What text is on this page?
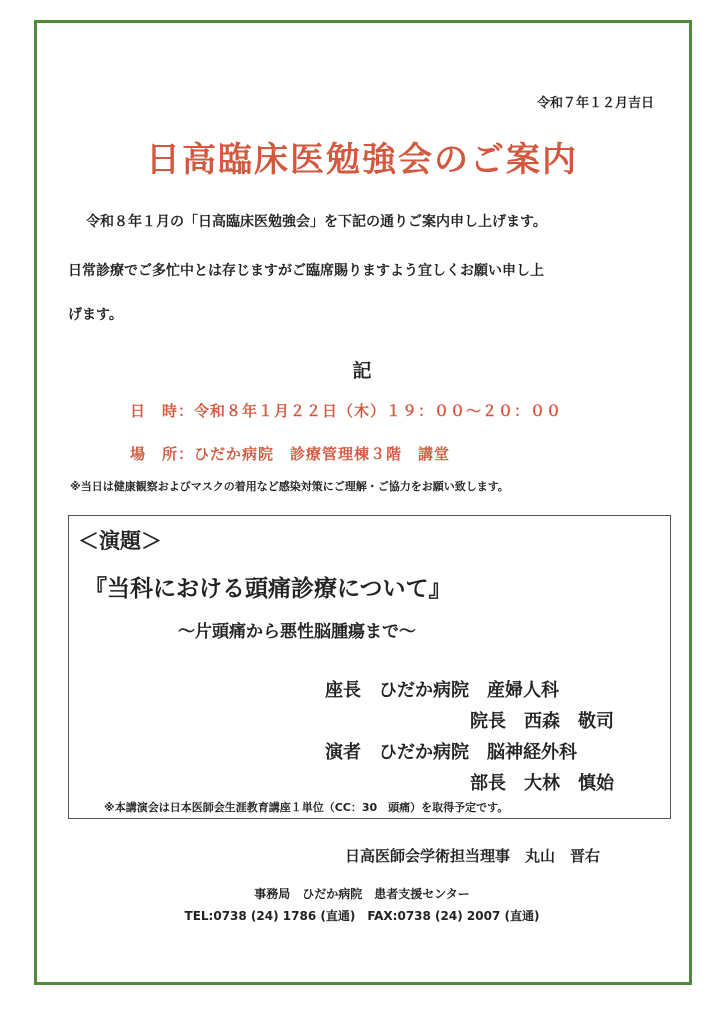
令和７年１２月吉日
日高臨床医勉強会のご案内
令和８年１月の「日高臨床医勉強会」を下記の通りご案内申し上げます。
日常診療でご多忙中とは存じますがご臨席賜りますよう宜しくお願い申し上
げます。
記
日　時：令和８年１月２２日（木）１９：００〜２０：００
場　所：ひだか病院　診療管理棟３階　講堂
※当日は健康観察およびマスクの着用など感染対策にご理解・ご協力をお願い致します。
＜演題＞
『当科における頭痛診療について』
〜片頭痛から悪性脳腫瘍まで〜
座長　ひだか病院　産婦人科
院長　西森　敬司
演者　ひだか病院　脳神経外科
部長　大林　慎始
※本講演会は日本医師会生涯教育講座１単位（CC：30　頭痛）を取得予定です。
日高医師会学術担当理事　丸山　晋右
事務局　ひだか病院　患者支援センター
TEL:0738 (24) 1786 (直通)　FAX:0738 (24) 2007 (直通)
